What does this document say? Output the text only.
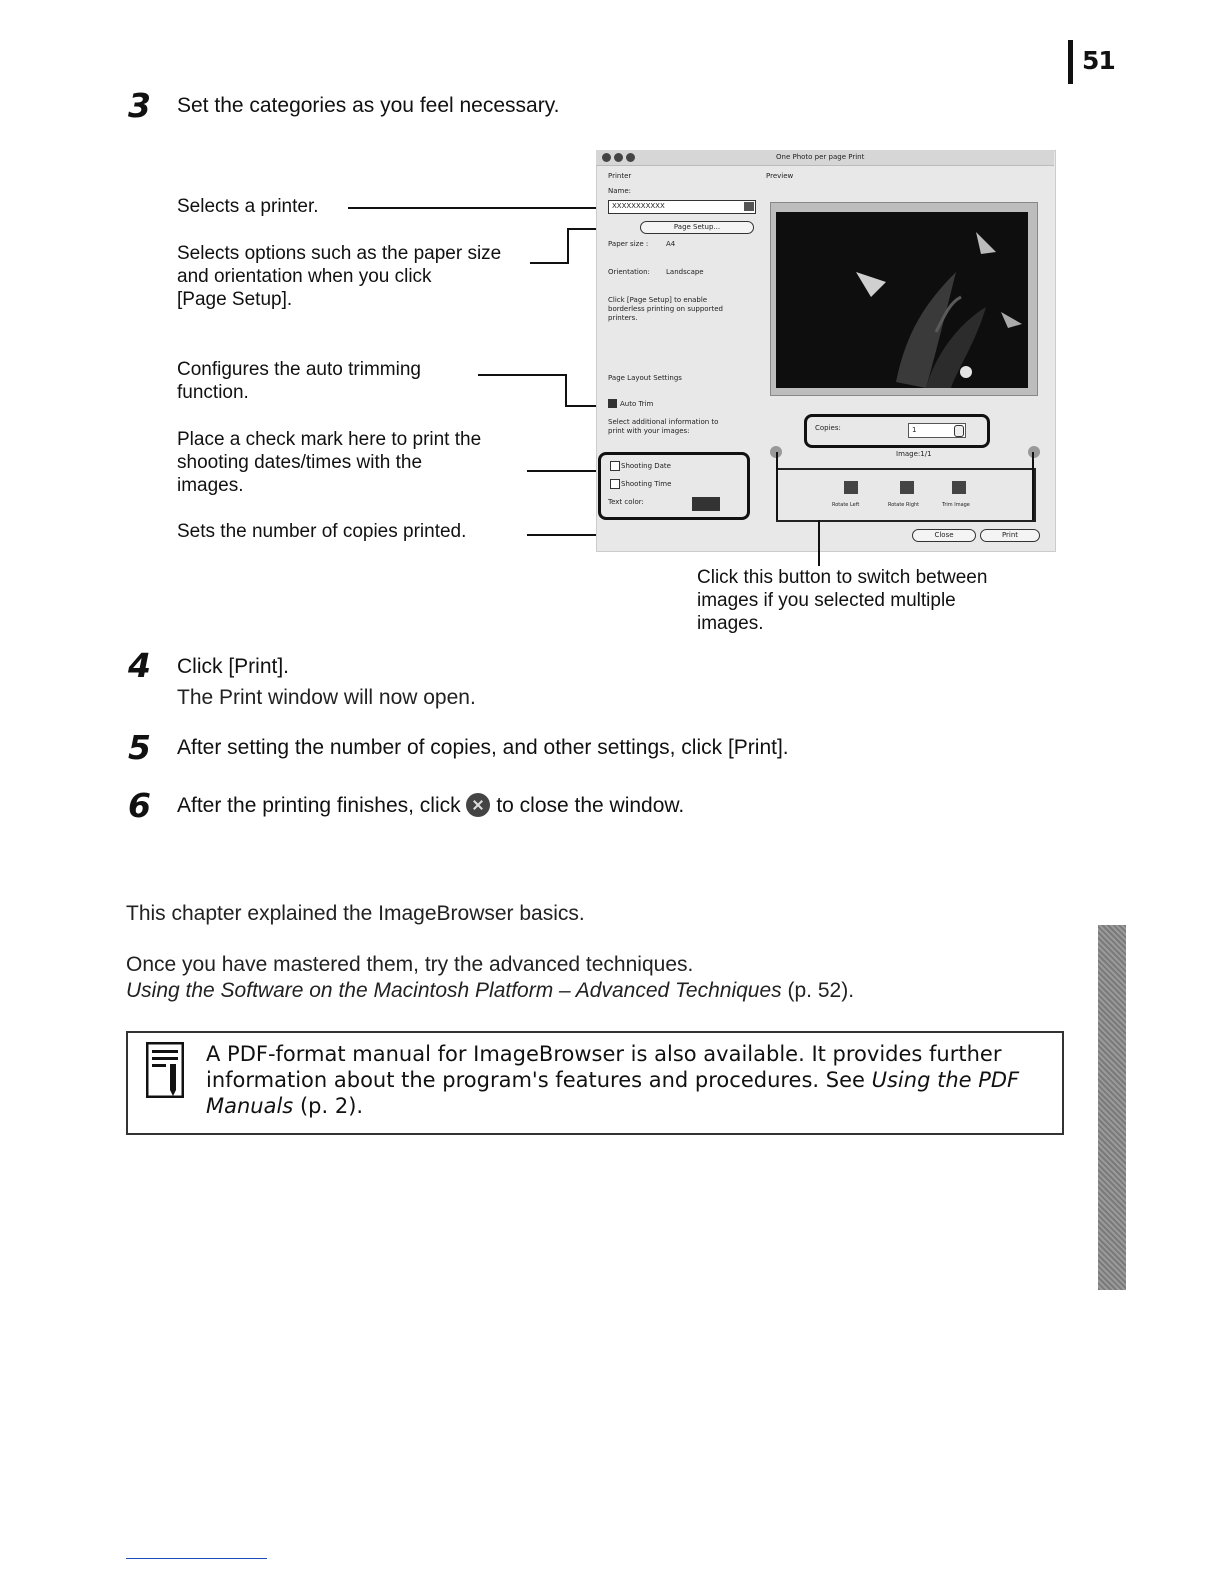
51
3 Set the categories as you feel necessary.
Selects a printer.
Selects options such as the paper size
and orientation when you click
[Page Setup].
Configures the auto trimming
function.
Place a check mark here to print the
shooting dates/times with the
images.
Sets the number of copies printed.
One Photo per page Print
Printer
Name:
XXXXXXXXXXX
Page Setup...
Paper size :	A4
Orientation: Landscape
Click [Page Setup] to enable
borderless printing on supported
printers.
Page Layout Settings
Auto Trim
Select additional information to
print with your images:
Shooting Date
Shooting Time
Text color:
Preview
Copies:	1
Image:1/1
Rotate Left	Rotate Right	Trim Image
Close	Print
Click this button to switch between
images if you selected multiple
images.
4 Click [Print].
The Print window will now open.
5 After setting the number of copies, and other settings, click [Print].
6 After the printing finishes, click to close the window.
This chapter explained the ImageBrowser basics.
Once you have mastered them, try the advanced techniques.
Using the Software on the Macintosh Platform – Advanced Techniques (p. 52).
A PDF-format manual for ImageBrowser is also available. It provides further information about the program's features and procedures. See Using the PDF Manuals (p. 2).
